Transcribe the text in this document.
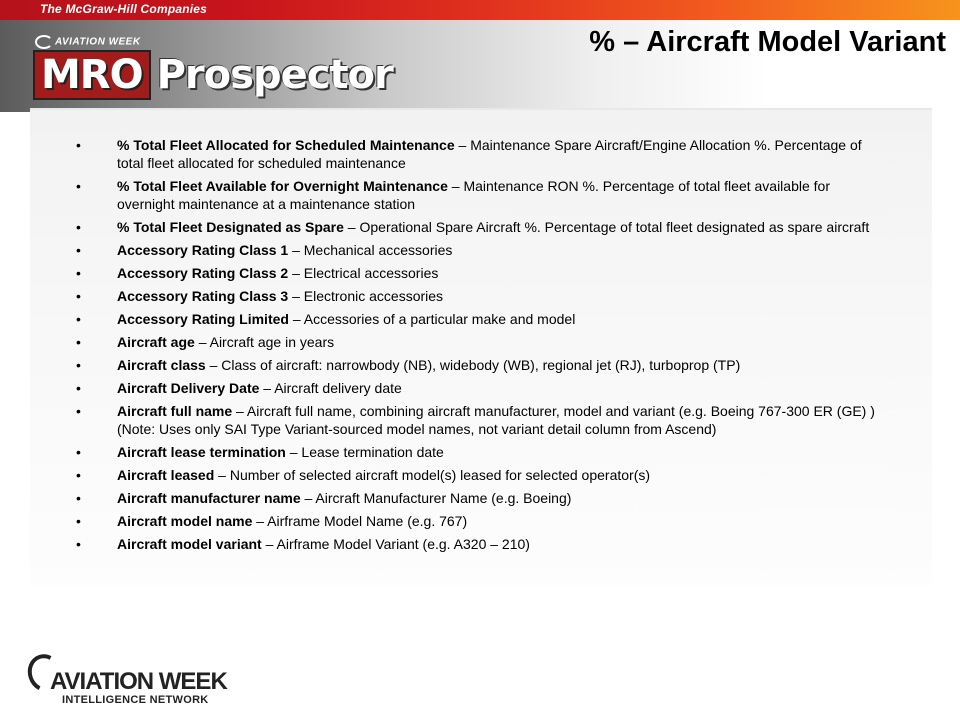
The McGraw-Hill Companies
AVIATION WEEK
MRO Prospector
% – Aircraft Model Variant
•	% Total Fleet Allocated for Scheduled Maintenance – Maintenance Spare Aircraft/Engine Allocation %. Percentage of total fleet allocated for scheduled maintenance
•	% Total Fleet Available for Overnight Maintenance – Maintenance RON %. Percentage of total fleet available for overnight maintenance at a maintenance station
•	% Total Fleet Designated as Spare – Operational Spare Aircraft %. Percentage of total fleet designated as spare aircraft
•	Accessory Rating Class 1 – Mechanical accessories
•	Accessory Rating Class 2 – Electrical accessories
•	Accessory Rating Class 3 – Electronic accessories
•	Accessory Rating Limited – Accessories of a particular make and model
•	Aircraft age – Aircraft age in years
•	Aircraft class – Class of aircraft: narrowbody (NB), widebody (WB), regional jet (RJ), turboprop (TP)
•	Aircraft Delivery Date – Aircraft delivery date
•	Aircraft full name – Aircraft full name, combining aircraft manufacturer, model and variant (e.g. Boeing 767-300 ER (GE) ) (Note: Uses only SAI Type Variant-sourced model names, not variant detail column from Ascend)
•	Aircraft lease termination – Lease termination date
•	Aircraft leased – Number of selected aircraft model(s) leased for selected operator(s)
•	Aircraft manufacturer name – Aircraft Manufacturer Name (e.g. Boeing)
•	Aircraft model name – Airframe Model Name (e.g. 767)
•	Aircraft model variant – Airframe Model Variant (e.g. A320 – 210)
AVIATION WEEK
INTELLIGENCE NETWORK
